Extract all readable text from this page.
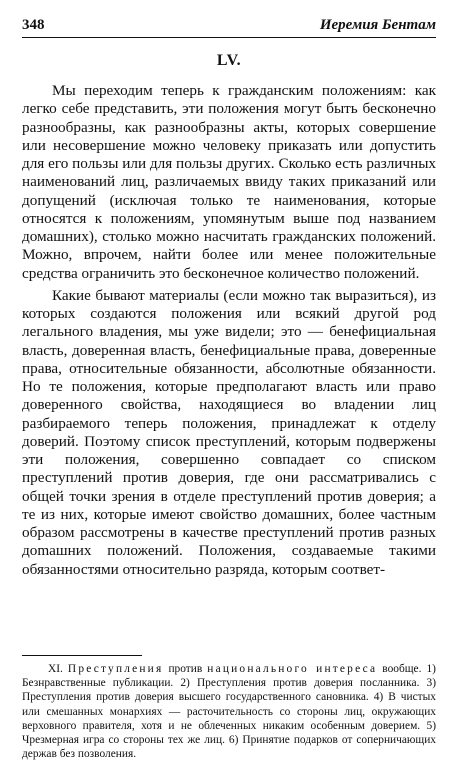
348	Иеремия Бентам
LV.

Мы переходим теперь к гражданским положениям: как легко себе представить, эти положения могут быть бесконечно разнообразны, как разнообразны акты, которых совершение или несовершение можно человеку приказать или допустить для его пользы или для пользы других. Сколько есть различных наименований лиц, различаемых ввиду таких приказаний или допущений (исключая только те наименования, которые относятся к положениям, упомянутым выше под названием домашних), столько можно насчитать гражданских положений. Можно, впрочем, найти более или менее положительные средства ограничить это бесконечное количество положений.

Какие бывают материалы (если можно так выразиться), из которых создаются положения или всякий другой род легального владения, мы уже видели; это — бенефициальная власть, доверенная власть, бенефициальные права, доверенные права, относительные обязанности, абсолютные обязанности. Но те положения, которые предполагают власть или право доверенного свойства, находящиеся во владении лиц разбираемого теперь положения, принадлежат к отделу доверий. Поэтому список преступлений, которым подвержены эти положения, совершенно совпадает со списком преступлений против доверия, где они рассматривались с общей точки зрения в отделе преступлений против доверия; а те из них, которые имеют свойство домашних, более частным образом рассмотрены в качестве преступлений против разных доmашних положений. Положения, создаваемые такими обязанностями относительно разряда, которым соответ-

XI. Преступления против национального интереса вообще. 1) Безнравственные публикации. 2) Преступления против доверия посланника. 3) Преступления против доверия высшего государственного сановника. 4) В чистых или смешанных монархиях — расточительность со стороны лиц, окружающих верховного правителя, хотя и не облеченных никаким особенным доверием. 5) Чрезмерная игра со стороны тех же лиц. 6) Принятие подарков от соперничающих держав без позволения.
